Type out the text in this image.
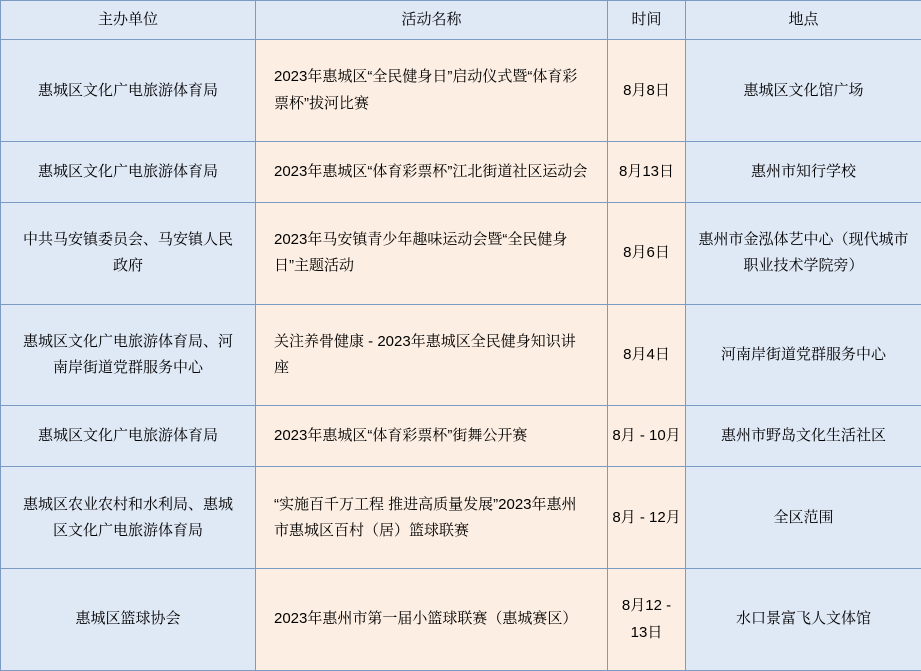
主办单位	活动名称	时间	地点
惠城区文化广电旅游体育局	2023年惠城区“全民健身日”启动仪式暨“体育彩票杯”拔河比赛	8月8日	惠城区文化馆广场
惠城区文化广电旅游体育局	2023年惠城区“体育彩票杯”江北街道社区运动会	8月13日	惠州市知行学校
中共马安镇委员会、马安镇人民政府	2023年马安镇青少年趣味运动会暨“全民健身日”主题活动	8月6日	惠州市金泓体艺中心（现代城市职业技术学院旁）
惠城区文化广电旅游体育局、河南岸街道党群服务中心	关注养骨健康 - 2023年惠城区全民健身知识讲座	8月4日	河南岸街道党群服务中心
惠城区文化广电旅游体育局	2023年惠城区“体育彩票杯”街舞公开赛	8月 - 10月	惠州市野岛文化生活社区
惠城区农业农村和水利局、惠城区文化广电旅游体育局	“实施百千万工程 推进高质量发展”2023年惠州市惠城区百村（居）篮球联赛	8月 - 12月	全区范围
惠城区篮球协会	2023年惠州市第一届小篮球联赛（惠城赛区）	8月12 - 13日	水口景富飞人文体馆
